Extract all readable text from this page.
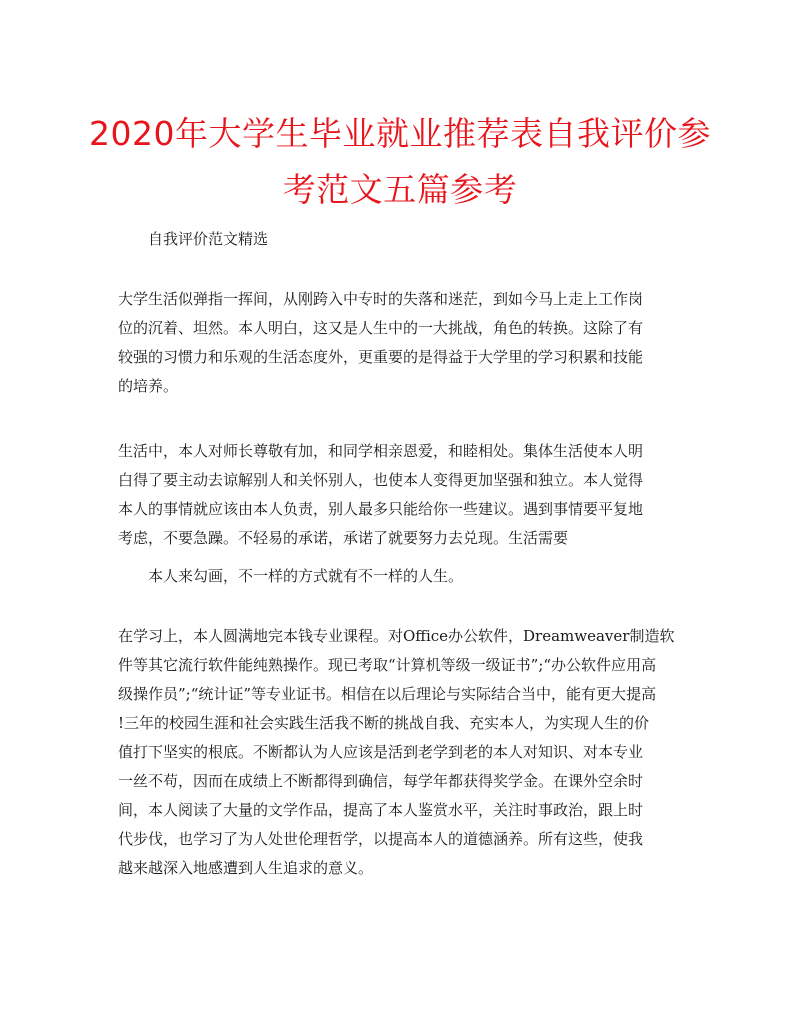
2020年大学生毕业就业推荐表自我评价参
考范文五篇参考
自我评价范文精选
大学生活似弹指一挥间，从刚跨入中专时的失落和迷茫，到如今马上走上工作岗
位的沉着、坦然。本人明白，这又是人生中的一大挑战，角色的转换。这除了有
较强的习惯力和乐观的生活态度外，更重要的是得益于大学里的学习积累和技能
的培养。
生活中，本人对师长尊敬有加，和同学相亲恩爱，和睦相处。集体生活使本人明
白得了要主动去谅解别人和关怀别人，也使本人变得更加坚强和独立。本人觉得
本人的事情就应该由本人负责，别人最多只能给你一些建议。遇到事情要平复地
考虑，不要急躁。不轻易的承诺，承诺了就要努力去兑现。生活需要
本人来勾画，不一样的方式就有不一样的人生。
在学习上，本人圆满地完本钱专业课程。对Office办公软件，Dreamweaver制造软
件等其它流行软件能纯熟操作。现已考取“计算机等级一级证书”;“办公软件应用高
级操作员”;“统计证”等专业证书。相信在以后理论与实际结合当中，能有更大提高
!三年的校园生涯和社会实践生活我不断的挑战自我、充实本人，为实现人生的价
值打下坚实的根底。不断都认为人应该是活到老学到老的本人对知识、对本专业
一丝不苟，因而在成绩上不断都得到确信，每学年都获得奖学金。在课外空余时
间，本人阅读了大量的文学作品，提高了本人鉴赏水平，关注时事政治，跟上时
代步伐，也学习了为人处世伦理哲学，以提高本人的道德涵养。所有这些，使我
越来越深入地感遭到人生追求的意义。
